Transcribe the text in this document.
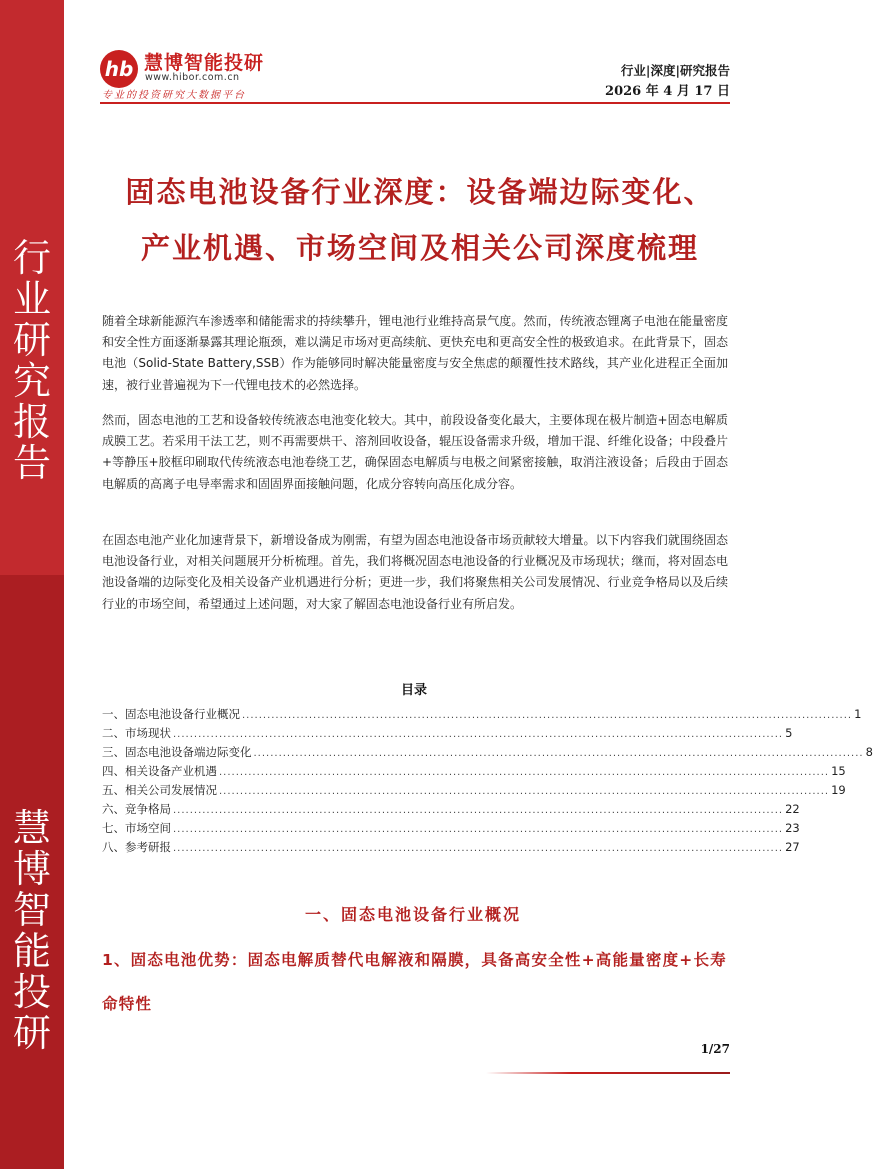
行业研究报告
慧博智能投研
hb 慧博智能投研
www.hibor.com.cn
专业的投资研究大数据平台
行业|深度|研究报告
2026 年 4 月 17 日
固态电池设备行业深度：设备端边际变化、
产业机遇、市场空间及相关公司深度梳理

随着全球新能源汽车渗透率和储能需求的持续攀升，锂电池行业维持高景气度。然而，传统液态锂离子电池在能量密度和安全性方面逐渐暴露其理论瓶颈，难以满足市场对更高续航、更快充电和更高安全性的极致追求。在此背景下，固态电池（Solid-State Battery,SSB）作为能够同时解决能量密度与安全焦虑的颠覆性技术路线，其产业化进程正全面加速，被行业普遍视为下一代锂电技术的必然选择。

然而，固态电池的工艺和设备较传统液态电池变化较大。其中，前段设备变化最大，主要体现在极片制造+固态电解质成膜工艺。若采用干法工艺，则不再需要烘干、溶剂回收设备，辊压设备需求升级，增加干混、纤维化设备；中段叠片+等静压+胶框印刷取代传统液态电池卷绕工艺，确保固态电解质与电极之间紧密接触，取消注液设备；后段由于固态电解质的高离子电导率需求和固固界面接触问题，化成分容转向高压化成分容。

在固态电池产业化加速背景下，新增设备成为刚需，有望为固态电池设备市场贡献较大增量。以下内容我们就围绕固态电池设备行业，对相关问题展开分析梳理。首先，我们将概况固态电池设备的行业概况及市场现状；继而，将对固态电池设备端的边际变化及相关设备产业机遇进行分析；更进一步，我们将聚焦相关公司发展情况、行业竞争格局以及后续行业的市场空间，希望通过上述问题，对大家了解固态电池设备行业有所启发。

目录
一、固态电池设备行业概况 .................................................................................................................................................. 1
二、市场现状 .................................................................................................................................................. 5
三、固态电池设备端边际变化 .................................................................................................................................................. 8
四、相关设备产业机遇 .................................................................................................................................................. 15
五、相关公司发展情况 .................................................................................................................................................. 19
六、竞争格局 .................................................................................................................................................. 22
七、市场空间 .................................................................................................................................................. 23
八、参考研报 .................................................................................................................................................. 27
一、固态电池设备行业概况

1、固态电池优势：固态电解质替代电解液和隔膜，具备高安全性+高能量密度+长寿命特性

1/27
